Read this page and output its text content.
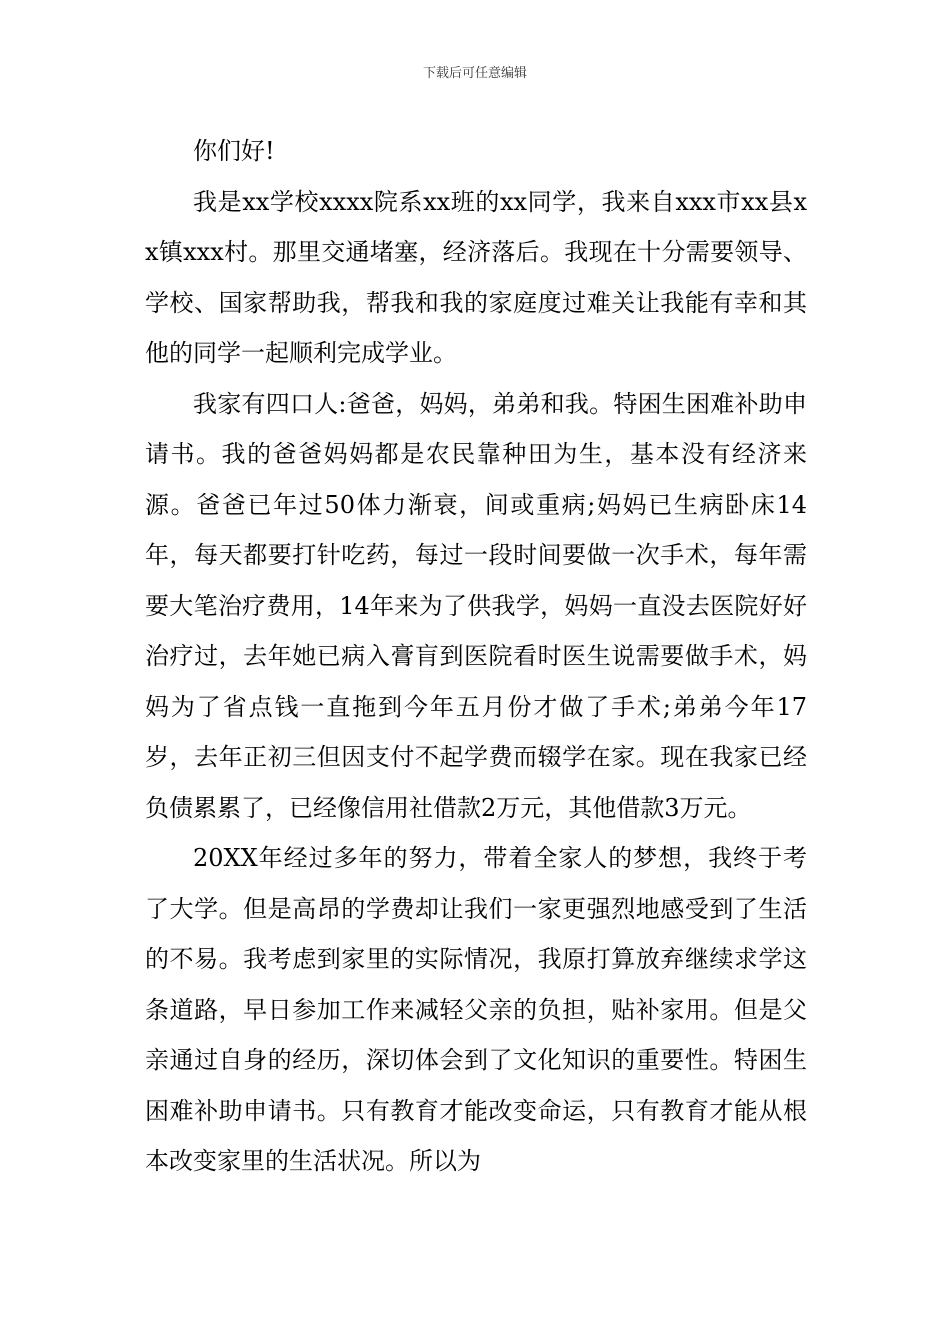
下载后可任意编辑

你们好!

我是xx学校xxxx院系xx班的xx同学，我来自xxx市xx县xx镇xxx村。那里交通堵塞，经济落后。我现在十分需要领导、学校、国家帮助我，帮我和我的家庭度过难关让我能有幸和其他的同学一起顺利完成学业。

我家有四口人:爸爸，妈妈，弟弟和我。特困生困难补助申请书。我的爸爸妈妈都是农民靠种田为生，基本没有经济来源。爸爸已年过50体力渐衰，间或重病;妈妈已生病卧床14年，每天都要打针吃药，每过一段时间要做一次手术，每年需要大笔治疗费用，14年来为了供我学，妈妈一直没去医院好好治疗过，去年她已病入膏肓到医院看时医生说需要做手术，妈妈为了省点钱一直拖到今年五月份才做了手术;弟弟今年17岁，去年正初三但因支付不起学费而辍学在家。现在我家已经负债累累了，已经像信用社借款2万元，其他借款3万元。

20XX年经过多年的努力，带着全家人的梦想，我终于考了大学。但是高昂的学费却让我们一家更强烈地感受到了生活的不易。我考虑到家里的实际情况，我原打算放弃继续求学这条道路，早日参加工作来减轻父亲的负担，贴补家用。但是父亲通过自身的经历，深切体会到了文化知识的重要性。特困生困难补助申请书。只有教育才能改变命运，只有教育才能从根本改变家里的生活状况。所以为
